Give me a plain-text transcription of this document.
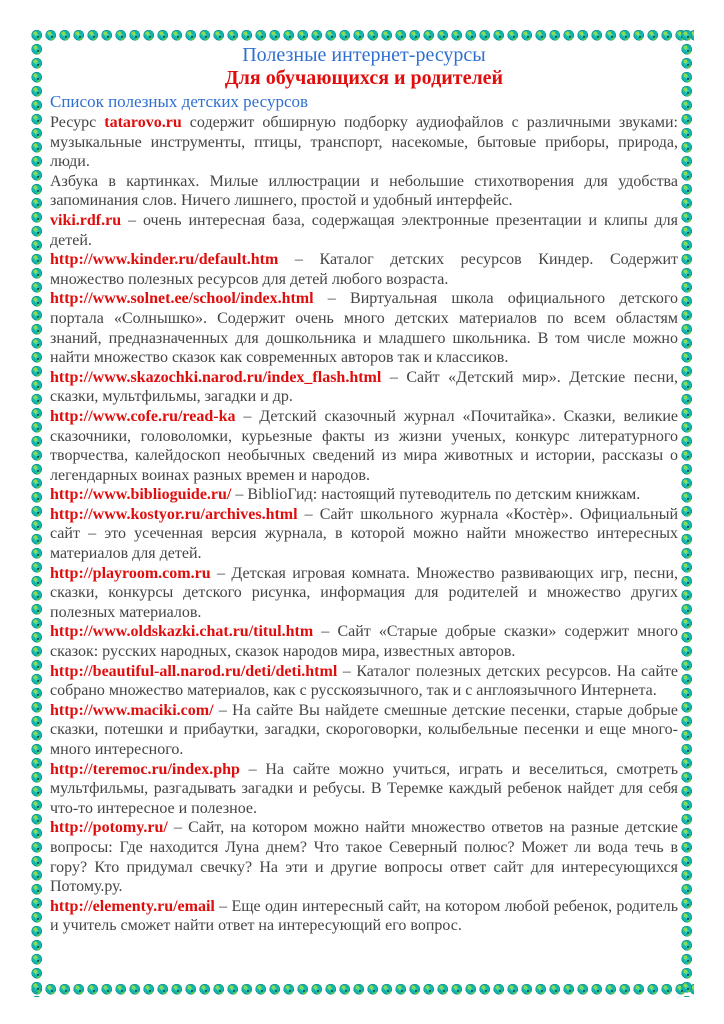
Полезные интернет-ресурсы
Для обучающихся и родителей
Список полезных детских ресурсов

Ресурс tatarovo.ru содержит обширную подборку аудиофайлов с различными звуками: музыкальные инструменты, птицы, транспорт, насекомые, бытовые приборы, природа, люди.

Азбука в картинках. Милые иллюстрации и небольшие стихотворения для удобства запоминания слов. Ничего лишнего, простой и удобный интерфейс.

viki.rdf.ru – очень интересная база, содержащая электронные презентации и клипы для детей.

http://www.kinder.ru/default.htm – Каталог детских ресурсов Киндер. Содержит множество полезных ресурсов для детей любого возраста.

http://www.solnet.ee/school/index.html – Виртуальная школа официального детского портала «Солнышко». Содержит очень много детских материалов по всем областям знаний, предназначенных для дошкольника и младшего школьника. В том числе можно найти множество сказок как современных авторов так и классиков.

http://www.skazochki.narod.ru/index_flash.html – Сайт «Детский мир». Детские песни, сказки, мультфильмы, загадки и др.

http://www.cofe.ru/read-ka – Детский сказочный журнал «Почитайка». Сказки, великие сказочники, головоломки, курьезные факты из жизни ученых, конкурс литературного творчества, калейдоскоп необычных сведений из мира животных и истории, рассказы о легендарных воинах разных времен и народов.

http://www.biblioguide.ru/ – BiblioГид: настоящий путеводитель по детским книжкам.

http://www.kostyor.ru/archives.html – Сайт школьного журнала «Костѐр». Официальный сайт – это усеченная версия журнала, в которой можно найти множество интересных материалов для детей.

http://playroom.com.ru – Детская игровая комната. Множество развивающих игр, песни, сказки, конкурсы детского рисунка, информация для родителей и множество других полезных материалов.

http://www.oldskazki.chat.ru/titul.htm – Сайт «Старые добрые сказки» содержит много сказок: русских народных, сказок народов мира, известных авторов.

http://beautiful-all.narod.ru/deti/deti.html – Каталог полезных детских ресурсов. На сайте собрано множество материалов, как с русскоязычного, так и с англоязычного Интернета.

http://www.maciki.com/ – На сайте Вы найдете смешные детские песенки, старые добрые сказки, потешки и прибаутки, загадки, скороговорки, колыбельные песенки и еще много-много интересного.

http://teremoc.ru/index.php – На сайте можно учиться, играть и веселиться, смотреть мультфильмы, разгадывать загадки и ребусы. В Теремке каждый ребенок найдет для себя что-то интересное и полезное.

http://potomy.ru/ – Сайт, на котором можно найти множество ответов на разные детские вопросы: Где находится Луна днем? Что такое Северный полюс? Может ли вода течь в гору? Кто придумал свечку? На эти и другие вопросы ответ сайт для интересующихся Потому.ру.

http://elementy.ru/email – Еще один интересный сайт, на котором любой ребенок, родитель и учитель сможет найти ответ на интересующий его вопрос.
